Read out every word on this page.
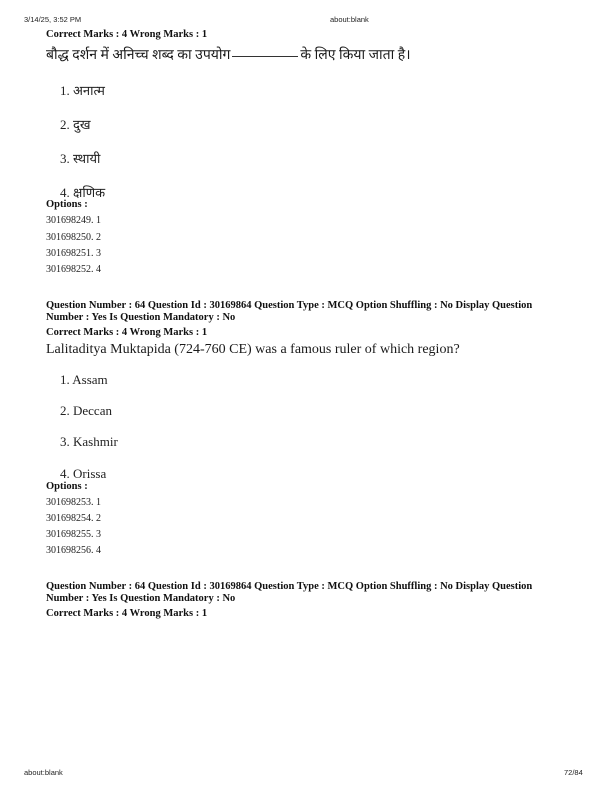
3/14/25, 3:52 PM	about:blank
Correct Marks : 4 Wrong Marks : 1
बौद्ध दर्शन में अनिच्च शब्द का उपयोग	के लिए किया जाता है।
1. अनात्म
2. दुख
3. स्थायी
4. क्षणिक
Options :
301698249. 1
301698250. 2
301698251. 3
301698252. 4
Question Number : 64 Question Id : 30169864 Question Type : MCQ Option Shuffling : No Display Question
Number : Yes Is Question Mandatory : No
Correct Marks : 4 Wrong Marks : 1
Lalitaditya Muktapida (724-760 CE) was a famous ruler of which region?
1. Assam
2. Deccan
3. Kashmir
4. Orissa
Options :
301698253. 1
301698254. 2
301698255. 3
301698256. 4
Question Number : 64 Question Id : 30169864 Question Type : MCQ Option Shuffling : No Display Question
Number : Yes Is Question Mandatory : No
Correct Marks : 4 Wrong Marks : 1
about:blank	72/84
